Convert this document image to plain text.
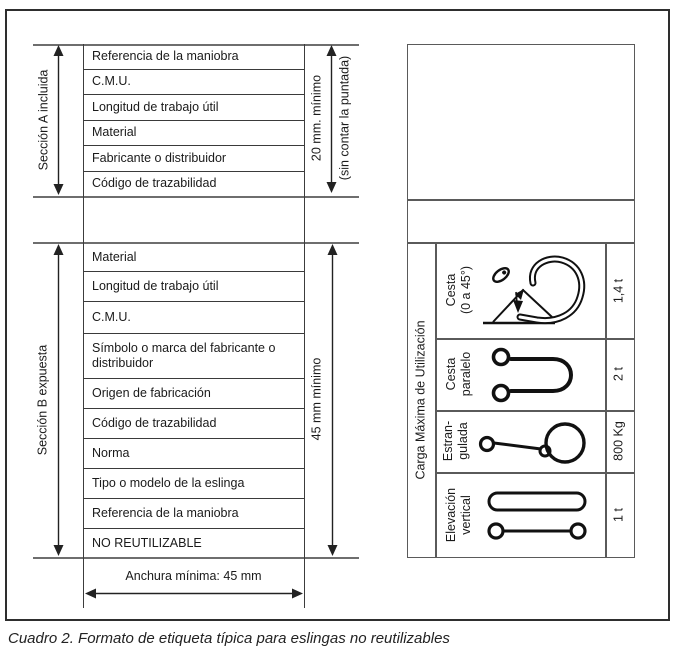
Referencia de la maniobra
C.M.U.
Longitud de trabajo útil
Material
Fabricante o distribuidor
Código de trazabilidad
Material
Longitud de trabajo útil
C.M.U.
Símbolo o marca del fabricante o distribuidor
Origen de fabricación
Código de trazabilidad
Norma
Tipo o modelo de la eslinga
Referencia de la maniobra
NO REUTILIZABLE
Sección A incluida	20 mm. mínimo (sin contar la puntada)
Sección B expuesta	45 mm mínimo
Anchura mínima: 45 mm
Carga Máxima de Utilización
Cesta (0 a 45°)	1,4 t
Cesta paralelo	2 t
Estran- gulada	800 Kg
Elevación vertical	1 t
Cuadro 2. Formato de etiqueta típica para eslingas no reutilizables
